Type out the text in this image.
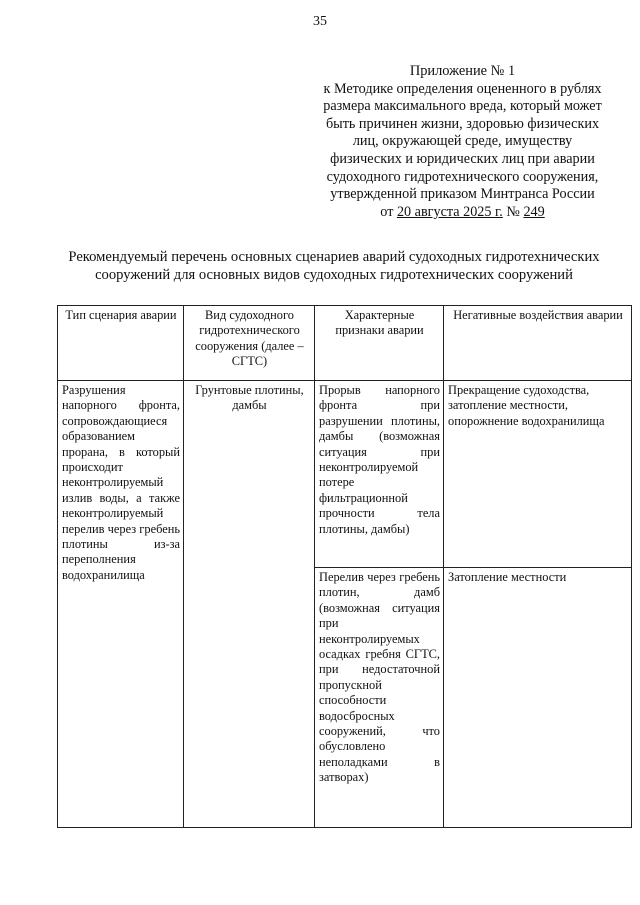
35
Приложение № 1
к Методике определения оцененного в рублях
размера максимального вреда, который может
быть причинен жизни, здоровью физических
лиц, окружающей среде, имуществу
физических и юридических лиц при аварии
судоходного гидротехнического сооружения,
утвержденной приказом Минтранса России
от 20 августа 2025 г. № 249
Рекомендуемый перечень основных сценариев аварий судоходных гидротехнических сооружений для основных видов судоходных гидротехнических сооружений
Тип сценария аварии	Вид судоходного гидротехнического сооружения (далее – СГТС)	Характерные признаки аварии	Негативные воздействия аварии
Разрушения напорного фронта, сопровождающиеся образованием прорана, в который происходит неконтролируемый излив воды, а также неконтролируемый перелив через гребень плотины из-за переполнения водохранилища	Грунтовые плотины, дамбы	Прорыв напорного фронта при разрушении плотины, дамбы (возможная ситуация при неконтролируемой потере фильтрационной прочности тела плотины, дамбы)	Прекращение судоходства, затопление местности, опорожнение водохранилища
		Перелив через гребень плотин, дамб (возможная ситуация при неконтролируемых осадках гребня СГТС, при недостаточной пропускной способности водосбросных сооружений, что обусловлено неполадками в затворах)	Затопление местности
